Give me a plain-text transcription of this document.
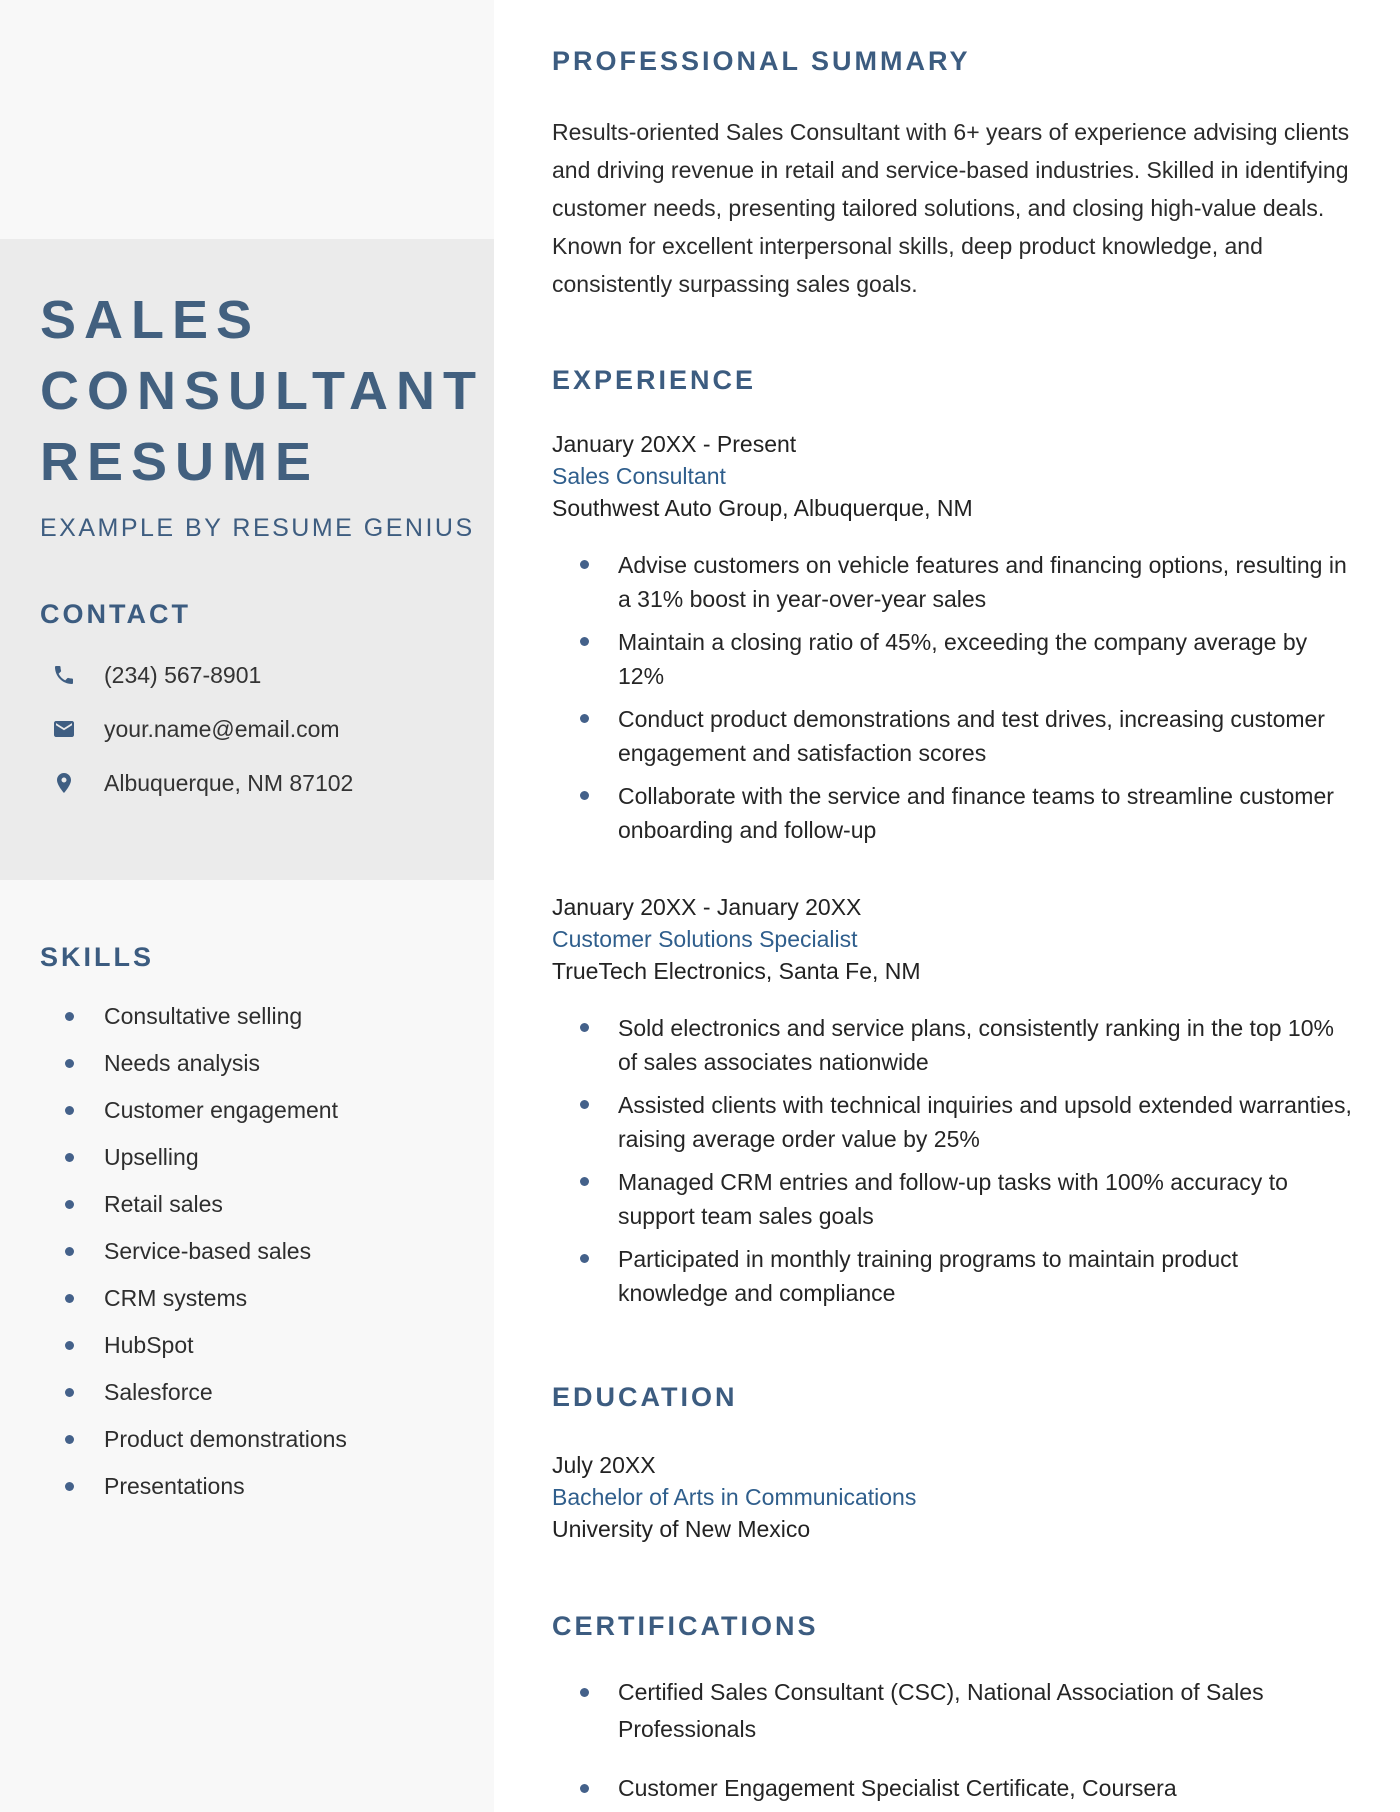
SALES CONSULTANT RESUME
EXAMPLE BY RESUME GENIUS
CONTACT
(234) 567-8901
your.name@email.com
Albuquerque, NM 87102
SKILLS
Consultative selling
Needs analysis
Customer engagement
Upselling
Retail sales
Service-based sales
CRM systems
HubSpot
Salesforce
Product demonstrations
Presentations
PROFESSIONAL SUMMARY

Results-oriented Sales Consultant with 6+ years of experience advising clients and driving revenue in retail and service-based industries. Skilled in identifying customer needs, presenting tailored solutions, and closing high-value deals. Known for excellent interpersonal skills, deep product knowledge, and consistently surpassing sales goals.

EXPERIENCE
January 20XX - Present
Sales Consultant
Southwest Auto Group, Albuquerque, NM
Advise customers on vehicle features and financing options, resulting in a 31% boost in year-over-year sales
Maintain a closing ratio of 45%, exceeding the company average by 12%
Conduct product demonstrations and test drives, increasing customer engagement and satisfaction scores
Collaborate with the service and finance teams to streamline customer onboarding and follow-up
January 20XX - January 20XX
Customer Solutions Specialist
TrueTech Electronics, Santa Fe, NM
Sold electronics and service plans, consistently ranking in the top 10% of sales associates nationwide
Assisted clients with technical inquiries and upsold extended warranties, raising average order value by 25%
Managed CRM entries and follow-up tasks with 100% accuracy to support team sales goals
Participated in monthly training programs to maintain product knowledge and compliance
EDUCATION
July 20XX
Bachelor of Arts in Communications
University of New Mexico
CERTIFICATIONS
Certified Sales Consultant (CSC), National Association of Sales Professionals
Customer Engagement Specialist Certificate, Coursera
